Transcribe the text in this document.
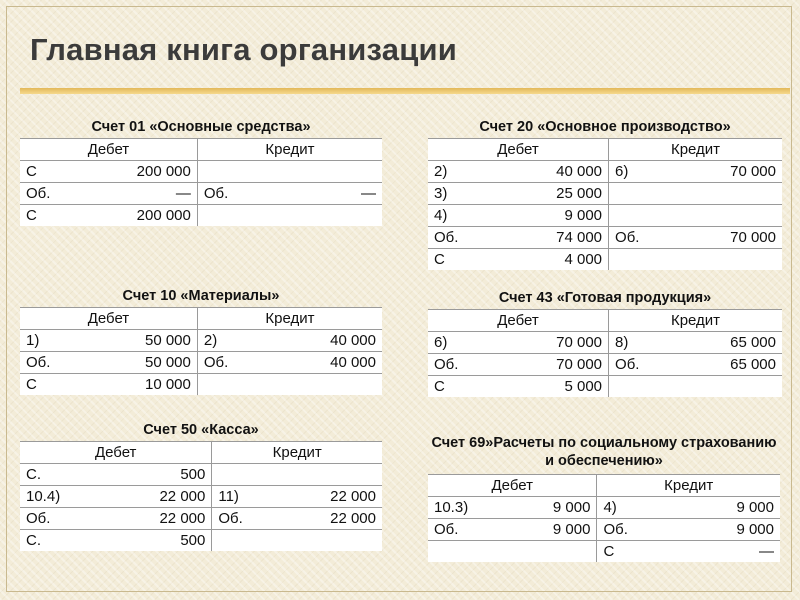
Главная книга организации
Счет 01 «Основные средства»
Дебет	Кредит

С 200 000	

Об. —	Об. —

С 200 000	

Счет 20 «Основное производство»
Дебет	Кредит

2) 40 000	6) 70 000

3) 25 000	

4) 9 000	

Об. 74 000	Об. 70 000

С 4 000	

Счет 10 «Материалы»
Дебет	Кредит

1) 50 000	2) 40 000

Об. 50 000	Об. 40 000

С 10 000	

Счет 43 «Готовая продукция»
Дебет	Кредит

6) 70 000	8) 65 000

Об. 70 000	Об. 65 000

С 5 000	

Счет 50 «Касса»
Дебет	Кредит

С. 500	

10.4) 22 000	11) 22 000

Об. 22 000	Об. 22 000

С. 500	

Счет 69»Расчеты по социальному страхованию и обеспечению»
Дебет	Кредит

10.3) 9 000	4) 9 000

Об. 9 000	Об. 9 000

	С —
